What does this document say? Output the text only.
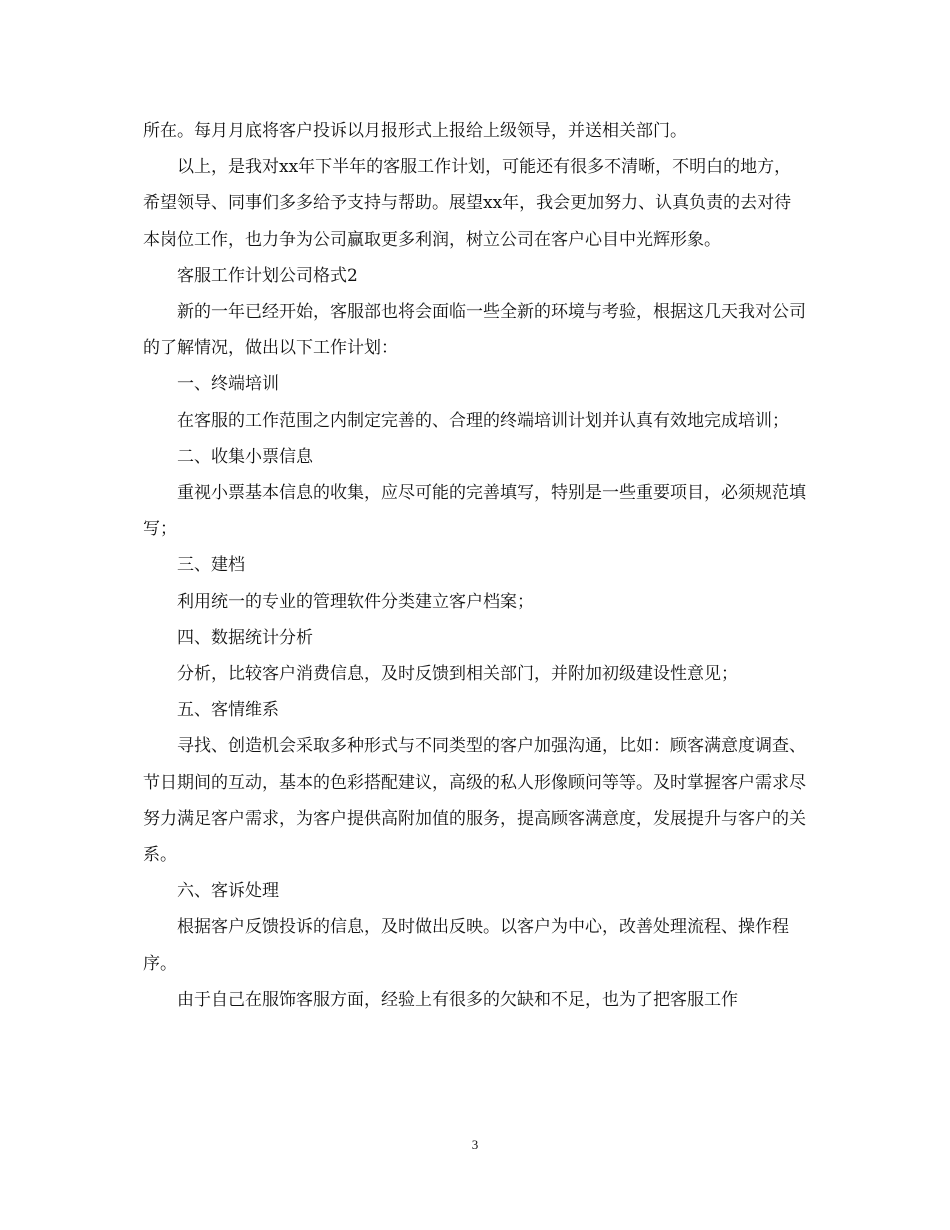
所在。每月月底将客户投诉以月报形式上报给上级领导，并送相关部门。

以上，是我对xx年下半年的客服工作计划，可能还有很多不清晰，不明白的地方，希望领导、同事们多多给予支持与帮助。展望xx年，我会更加努力、认真负责的去对待本岗位工作，也力争为公司赢取更多利润，树立公司在客户心目中光辉形象。

客服工作计划公司格式2

新的一年已经开始，客服部也将会面临一些全新的环境与考验，根据这几天我对公司的了解情况，做出以下工作计划：

一、终端培训

在客服的工作范围之内制定完善的、合理的终端培训计划并认真有效地完成培训；

二、收集小票信息

重视小票基本信息的收集，应尽可能的完善填写，特别是一些重要项目，必须规范填写；

三、建档

利用统一的专业的管理软件分类建立客户档案；

四、数据统计分析

分析，比较客户消费信息，及时反馈到相关部门，并附加初级建设性意见；

五、客情维系

寻找、创造机会采取多种形式与不同类型的客户加强沟通，比如：顾客满意度调查、节日期间的互动，基本的色彩搭配建议，高级的私人形像顾问等等。及时掌握客户需求尽努力满足客户需求，为客户提供高附加值的服务，提高顾客满意度，发展提升与客户的关系。

六、客诉处理

根据客户反馈投诉的信息，及时做出反映。以客户为中心，改善处理流程、操作程序。

由于自己在服饰客服方面，经验上有很多的欠缺和不足，也为了把客服工作

3
